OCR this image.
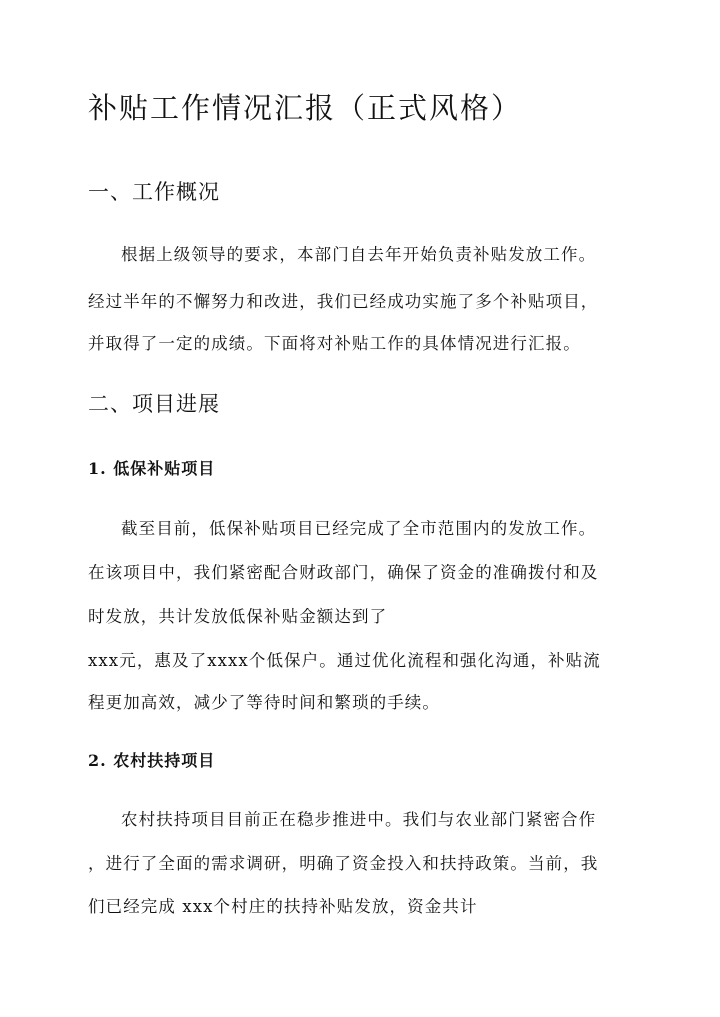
补贴工作情况汇报（正式风格）
一、工作概况
根据上级领导的要求，本部门自去年开始负责补贴发放工作。
经过半年的不懈努力和改进，我们已经成功实施了多个补贴项目，
并取得了一定的成绩。下面将对补贴工作的具体情况进行汇报。
二、项目进展
1. 低保补贴项目
截至目前，低保补贴项目已经完成了全市范围内的发放工作。
在该项目中，我们紧密配合财政部门，确保了资金的准确拨付和及
时发放，共计发放低保补贴金额达到了
xxx元，惠及了xxxx个低保户。通过优化流程和强化沟通，补贴流
程更加高效，减少了等待时间和繁琐的手续。
2. 农村扶持项目
农村扶持项目目前正在稳步推进中。我们与农业部门紧密合作
，进行了全面的需求调研，明确了资金投入和扶持政策。当前，我
们已经完成 xxx个村庄的扶持补贴发放，资金共计
